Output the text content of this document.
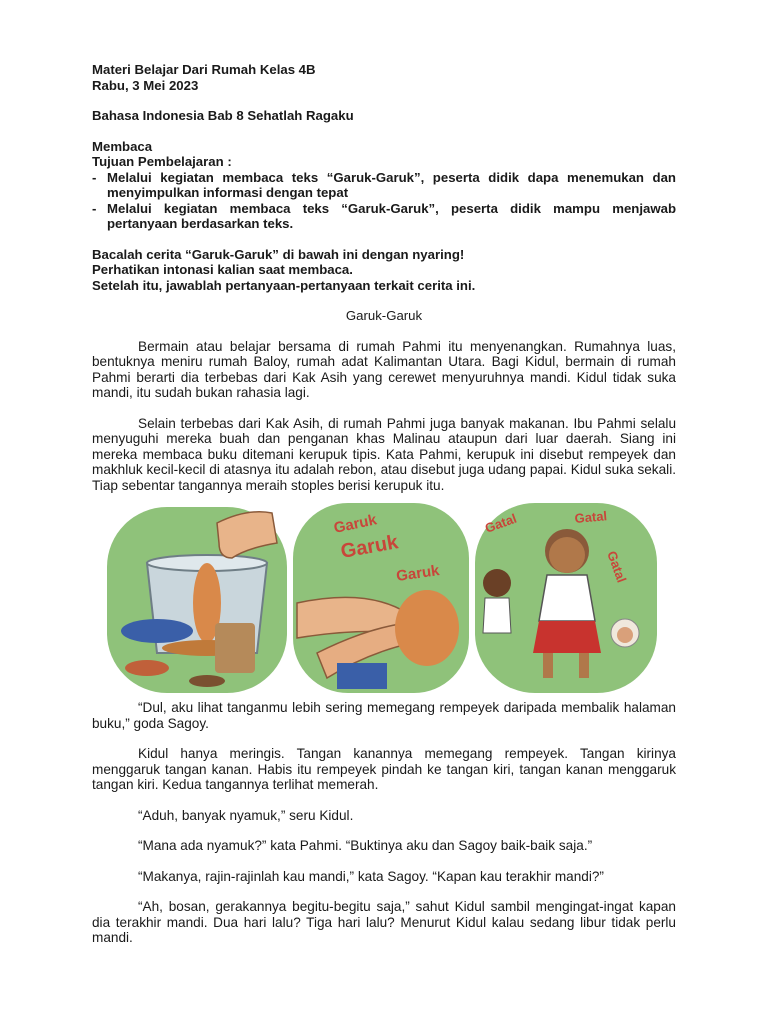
Materi Belajar Dari Rumah Kelas 4B

Rabu, 3 Mei 2023

Bahasa Indonesia Bab 8 Sehatlah Ragaku

Membaca

Tujuan Pembelajaran :

- Melalui kegiatan membaca teks “Garuk-Garuk”, peserta didik dapa menemukan dan menyimpulkan informasi dengan tepat
- Melalui kegiatan membaca teks “Garuk-Garuk”, peserta didik mampu menjawab pertanyaan berdasarkan teks.

Bacalah cerita “Garuk-Garuk” di bawah ini dengan nyaring!

Perhatikan intonasi kalian saat membaca.

Setelah itu, jawablah pertanyaan-pertanyaan terkait cerita ini.

Garuk-Garuk

Bermain atau belajar bersama di rumah Pahmi itu menyenangkan. Rumahnya luas, bentuknya meniru rumah Baloy, rumah adat Kalimantan Utara. Bagi Kidul, bermain di rumah Pahmi berarti dia terbebas dari Kak Asih yang cerewet menyuruhnya mandi. Kidul tidak suka mandi, itu sudah bukan rahasia lagi.

Selain terbebas dari Kak Asih, di rumah Pahmi juga banyak makanan. Ibu Pahmi selalu menyuguhi mereka buah dan penganan khas Malinau ataupun dari luar daerah. Siang ini mereka membaca buku ditemani kerupuk tipis. Kata Pahmi, kerupuk ini disebut rempeyek dan makhluk kecil-kecil di atasnya itu adalah rebon, atau disebut juga udang papai. Kidul suka sekali. Tiap sebentar tangannya meraih stoples berisi kerupuk itu.

Garuk
Garuk
Garuk
Gatal	Gatal
Gatal

“Dul, aku lihat tanganmu lebih sering memegang rempeyek daripada membalik halaman buku,” goda Sagoy.

Kidul hanya meringis. Tangan kanannya memegang rempeyek. Tangan kirinya menggaruk tangan kanan. Habis itu rempeyek pindah ke tangan kiri, tangan kanan menggaruk tangan kiri. Kedua tangannya terlihat memerah.

“Aduh, banyak nyamuk,” seru Kidul.

“Mana ada nyamuk?” kata Pahmi. “Buktinya aku dan Sagoy baik-baik saja.”

“Makanya, rajin-rajinlah kau mandi,” kata Sagoy. “Kapan kau terakhir mandi?”

“Ah, bosan, gerakannya begitu-begitu saja,” sahut Kidul sambil mengingat-ingat kapan dia terakhir mandi. Dua hari lalu? Tiga hari lalu? Menurut Kidul kalau sedang libur tidak perlu mandi.
